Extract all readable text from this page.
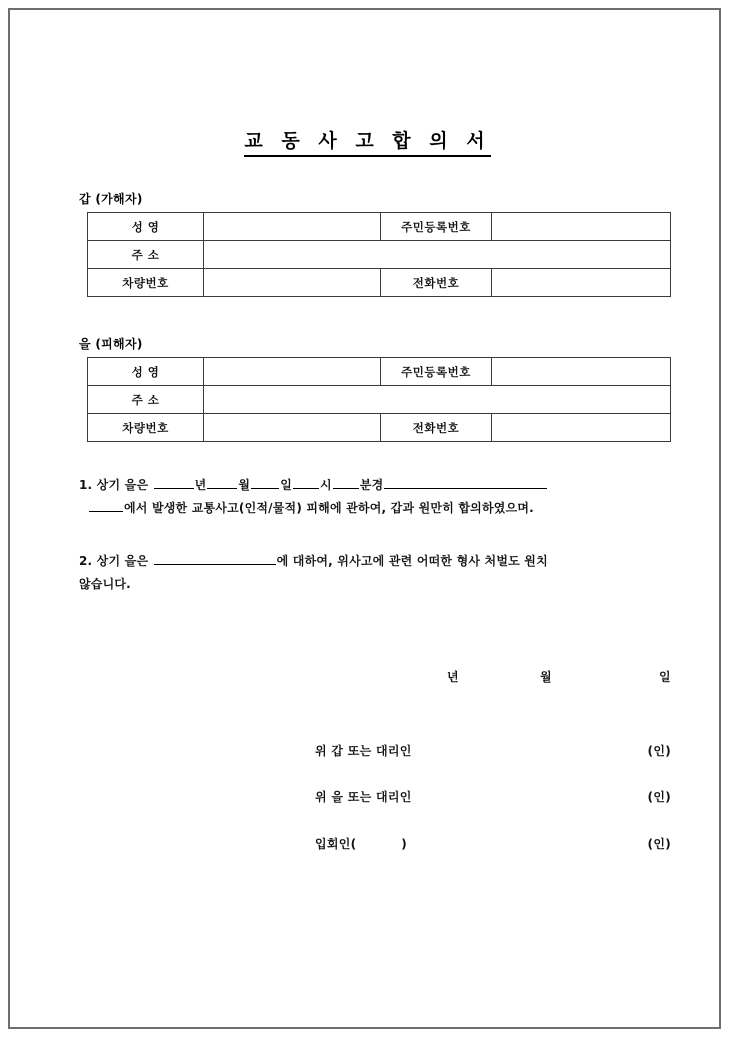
교 동 사 고 합 의 서
갑 (가해자)
성 영		주민등록번호	
주 소			
차량번호		전화번호	
을 (피해자)
성 영		주민등록번호	
주 소			
차량번호		전화번호	
1. 상기 을은	년	월	일 시 분경
에서 발생한 교통사고(인적/물적) 피해에 관하여, 갑과 원만히 합의하였으며.
2. 상기 을은	에 대하여, 위사고에 관련 어떠한 형사 처벌도 원치
않습니다.
년	월	일
위 갑 또는 대리인	(인)
위 을 또는 대리인	(인)
입회인(          )	(인)
